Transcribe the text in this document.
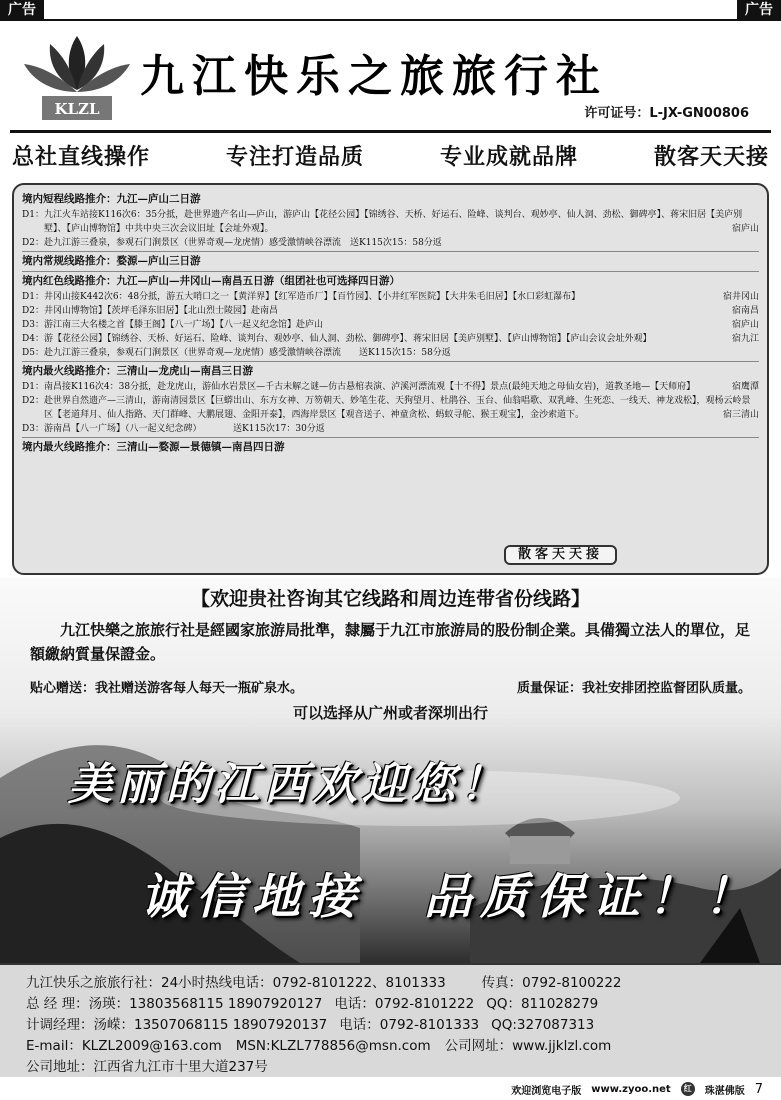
广告	广告
KLZL
九江快乐之旅旅行社
许可证号：L-JX-GN00806
总社直线操作	专注打造品质	专业成就品牌	散客天天接
境内短程线路推介：九江—庐山二日游
D1： 九江火车站接K116次6：35分抵，赴世界遗产名山—庐山，游庐山【花径公园】【锦绣谷、天桥、好运石、险峰、谈判台、观妙亭、仙人洞、劲松、御碑亭】、蒋宋旧居【美庐别墅】、【庐山博物馆】中共中央三次会议旧址【会址外观】。	宿庐山
D2： 赴九江游三叠泉，参观石门涧景区（世界奇观—龙虎情）感受激情峡谷漂流　送K115次15：58分返
境内常规线路推介：婺源—庐山三日游
境内红色线路推介：九江—庐山—井冈山—南昌五日游（组团社也可选择四日游）
D1： 井冈山接K442次6：48分抵，游五大哨口之一【黄洋界】【红军造币厂】【百竹园】、【小井红军医院】【大井朱毛旧居】【水口彩虹瀑布】	宿井冈山
D2： 井冈山博物馆】【茨坪毛泽东旧居】【北山烈士陵园】赴南昌	宿南昌
D3： 游江南三大名楼之首【滕王阁】【八一广场】【八一起义纪念馆】赴庐山	宿庐山
D4： 游【花径公园】【锦绣谷、天桥、好运石、险峰、谈判台、观妙亭、仙人洞、劲松、御碑亭】、蒋宋旧居【美庐别墅】、【庐山博物馆】【庐山会议会址外观】	宿九江
D5： 赴九江游三叠泉，参观石门涧景区（世界奇观—龙虎情）感受激情峡谷漂流　　送K115次15：58分返
境内最火线路推介：三清山—龙虎山—南昌三日游
D1： 南昌接K116次4：38分抵，赴龙虎山，游仙水岩景区—千古未解之谜—仿古悬棺表演、泸溪河漂流观【十不得】景点(最纯天地之母仙女岩)，道教圣地—【天师府】	宿鹰潭
D2： 赴世界自然遗产—三清山，游南清园景区【巨蟒出山、东方女神、万笏朝天、妙笔生花、天狗望月、杜鹃谷、玉台、仙翁唱歌、双乳峰、生死恋、一线天、神龙戏松】，观杨云岭景区【老道拜月、仙人指路、天门群峰、大鹏展翅、金阳开泰】，西海岸景区【观音送子、神童贪松、蚂蚁寻舵、猴王观宝】，金沙索道下。	宿三清山
D3： 游南昌【八一广场】（八一起义纪念碑）　　　　送K115次17：30分返
境内最火线路推介：三清山—婺源—景德镇—南昌四日游
散客天天接
【欢迎贵社咨询其它线路和周边连带省份线路】
九江快樂之旅旅行社是經國家旅游局批準，隸屬于九江市旅游局的股份制企業。具備獨立法人的單位，足額繳納質量保證金。
贴心赠送：我社赠送游客每人每天一瓶矿泉水。	质量保证：我社安排团控监督团队质量。
可以选择从广州或者深圳出行
美丽的江西欢迎您！
诚信地接 品质保证！！
九江快乐之旅旅行社：24小时热线电话：0792-8101222、8101333	传真：0792-8100222
总 经 理：汤瑛：13803568115 18907920127 电话：0792-8101222 QQ：811028279
计调经理：汤嵘：13507068115 18907920137 电话：0792-8101333 QQ:327087313
E-mail：KLZL2009@163.com MSN:KLZL778856@msn.com 公司网址：www.jjklzl.com
公司地址：江西省九江市十里大道237号
欢迎浏览电子版 www.zyoo.net	红	珠湛佛版 7
